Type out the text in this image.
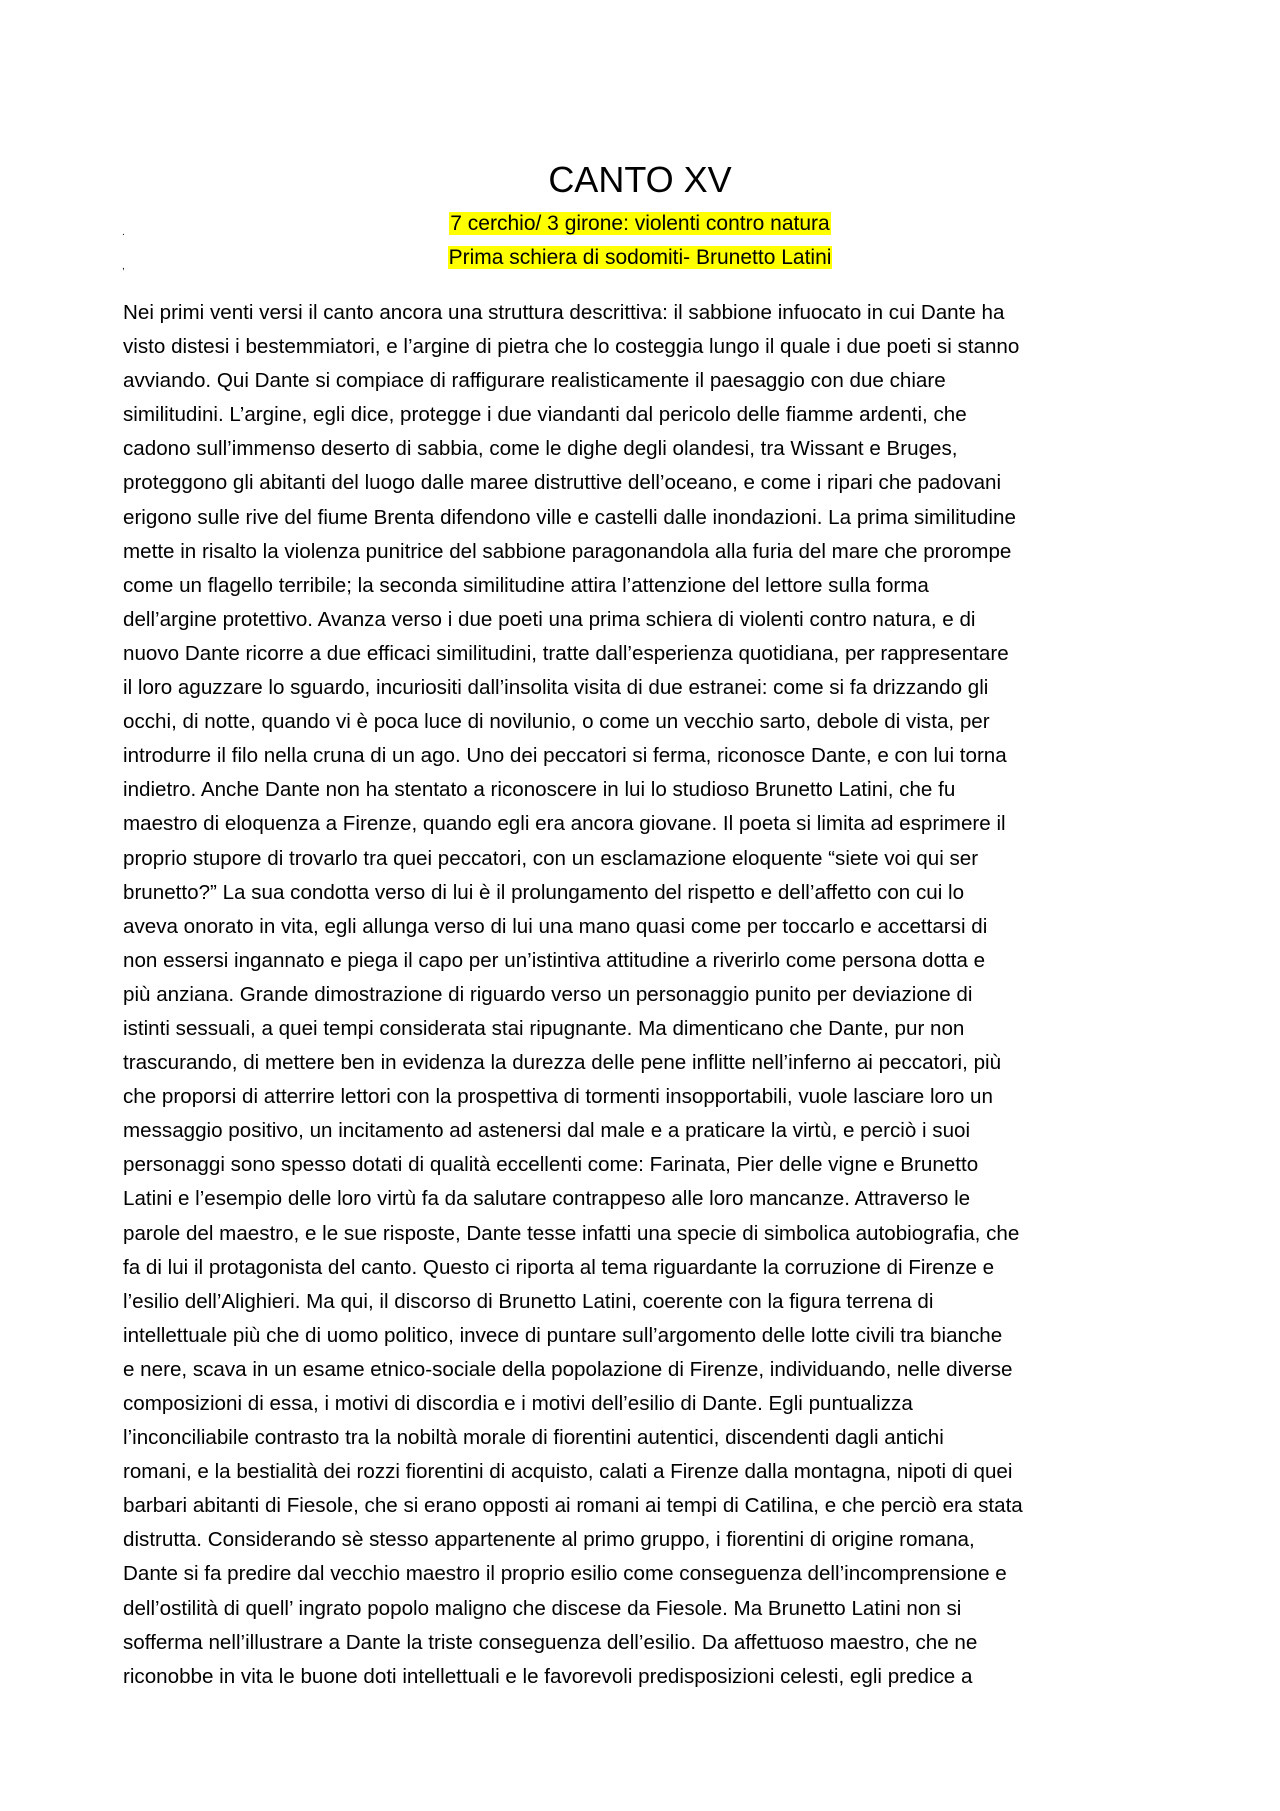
CANTO XV
.	7 cerchio/ 3 girone: violenti contro natura
,	Prima schiera di sodomiti- Brunetto Latini
Nei primi venti versi il canto ancora una struttura descrittiva: il sabbione infuocato in cui Dante ha
visto distesi i bestemmiatori, e l’argine di pietra che lo costeggia lungo il quale i due poeti si stanno
avviando. Qui Dante si compiace di raffigurare realisticamente il paesaggio con due chiare
similitudini. L’argine, egli dice, protegge i due viandanti dal pericolo delle fiamme ardenti, che
cadono sull’immenso deserto di sabbia, come le dighe degli olandesi, tra Wissant e Bruges,
proteggono gli abitanti del luogo dalle maree distruttive dell’oceano, e come i ripari che padovani
erigono sulle rive del fiume Brenta difendono ville e castelli dalle inondazioni. La prima similitudine
mette in risalto la violenza punitrice del sabbione paragonandola alla furia del mare che prorompe
come un flagello terribile; la seconda similitudine attira l’attenzione del lettore sulla forma
dell’argine protettivo. Avanza verso i due poeti una prima schiera di violenti contro natura, e di
nuovo Dante ricorre a due efficaci similitudini, tratte dall’esperienza quotidiana, per rappresentare
il loro aguzzare lo sguardo, incuriositi dall’insolita visita di due estranei: come si fa drizzando gli
occhi, di notte, quando vi è poca luce di novilunio, o come un vecchio sarto, debole di vista, per
introdurre il filo nella cruna di un ago. Uno dei peccatori si ferma, riconosce Dante, e con lui torna
indietro. Anche Dante non ha stentato a riconoscere in lui lo studioso Brunetto Latini, che fu
maestro di eloquenza a Firenze, quando egli era ancora giovane. Il poeta si limita ad esprimere il
proprio stupore di trovarlo tra quei peccatori, con un esclamazione eloquente “siete voi qui ser
brunetto?” La sua condotta verso di lui è il prolungamento del rispetto e dell’affetto con cui lo
aveva onorato in vita, egli allunga verso di lui una mano quasi come per toccarlo e accettarsi di
non essersi ingannato e piega il capo per un’istintiva attitudine a riverirlo come persona dotta e
più anziana. Grande dimostrazione di riguardo verso un personaggio punito per deviazione di
istinti sessuali, a quei tempi considerata stai ripugnante. Ma dimenticano che Dante, pur non
trascurando, di mettere ben in evidenza la durezza delle pene inflitte nell’inferno ai peccatori, più
che proporsi di atterrire lettori con la prospettiva di tormenti insopportabili, vuole lasciare loro un
messaggio positivo, un incitamento ad astenersi dal male e a praticare la virtù, e perciò i suoi
personaggi sono spesso dotati di qualità eccellenti come: Farinata, Pier delle vigne e Brunetto
Latini e l’esempio delle loro virtù fa da salutare contrappeso alle loro mancanze. Attraverso le
parole del maestro, e le sue risposte, Dante tesse infatti una specie di simbolica autobiografia, che
fa di lui il protagonista del canto. Questo ci riporta al tema riguardante la corruzione di Firenze e
l’esilio dell’Alighieri. Ma qui, il discorso di Brunetto Latini, coerente con la figura terrena di
intellettuale più che di uomo politico, invece di puntare sull’argomento delle lotte civili tra bianche
e nere, scava in un esame etnico-sociale della popolazione di Firenze, individuando, nelle diverse
composizioni di essa, i motivi di discordia e i motivi dell’esilio di Dante. Egli puntualizza
l’inconciliabile contrasto tra la nobiltà morale di fiorentini autentici, discendenti dagli antichi
romani, e la bestialità dei rozzi fiorentini di acquisto, calati a Firenze dalla montagna, nipoti di quei
barbari abitanti di Fiesole, che si erano opposti ai romani ai tempi di Catilina, e che perciò era stata
distrutta. Considerando sè stesso appartenente al primo gruppo, i fiorentini di origine romana,
Dante si fa predire dal vecchio maestro il proprio esilio come conseguenza dell’incomprensione e
dell’ostilità di quell’ ingrato popolo maligno che discese da Fiesole. Ma Brunetto Latini non si
sofferma nell’illustrare a Dante la triste conseguenza dell’esilio. Da affettuoso maestro, che ne
riconobbe in vita le buone doti intellettuali e le favorevoli predisposizioni celesti, egli predice a
